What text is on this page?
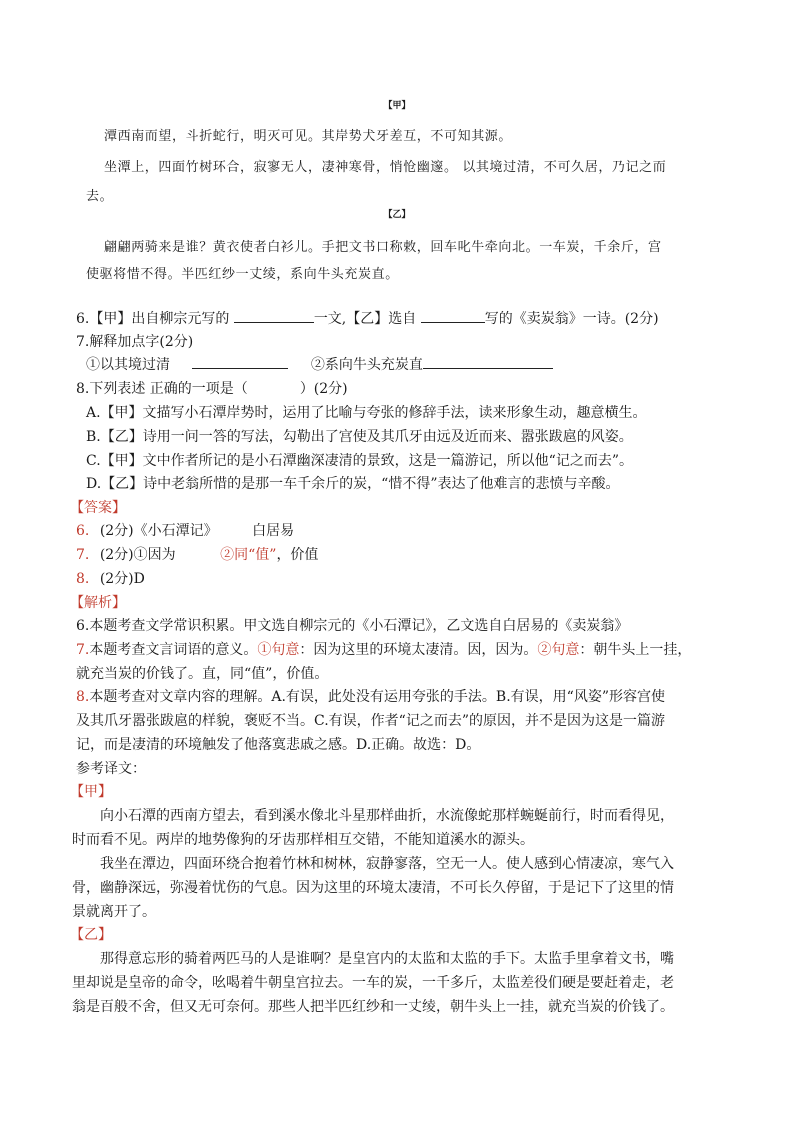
【甲】
潭西南而望，斗折蛇行，明灭可见。其岸势犬牙差互，不可知其源。
坐潭上，四面竹树环合，寂寥无人，凄神寒骨，悄怆幽邃。 以其境过清，不可久居，乃记之而
去。
【乙】
翩翩两骑来是谁？黄衣使者白衫儿。手把文书口称敕，回车叱牛牵向北。一车炭，千余斤，宫
使驱将惜不得。半匹红纱一丈绫，系向牛头充炭直。
6.【甲】出自柳宗元写的	一文,【乙】选自	写的《卖炭翁》一诗。(2分)
7.解释加点字(2分)
①以其境过清	②系向牛头充炭直
8.下列表述 正确的一项是（	）(2分)
A.【甲】文描写小石潭岸势时，运用了比喻与夸张的修辞手法，读来形象生动，趣意横生。
B.【乙】诗用一问一答的写法，勾勒出了宫使及其爪牙由远及近而来、嚣张跋扈的风姿。
C.【甲】文中作者所记的是小石潭幽深凄清的景致，这是一篇游记，所以他“记之而去”。
D.【乙】诗中老翁所惜的是那一车千余斤的炭，“惜不得”表达了他难言的悲愤与辛酸。
【答案】
6. (2分)《小石潭记》 白居易
7. (2分)①因为	②同“值”，价值
8. (2分)D
【解析】
6.本题考查文学常识积累。甲文选自柳宗元的《小石潭记》，乙文选自白居易的《卖炭翁》
7.本题考查文言词语的意义。①句意：因为这里的环境太凄清。因，因为。②句意：朝牛头上一挂，
就充当炭的价钱了。直，同“值”，价值。
8.本题考查对文章内容的理解。A.有误，此处没有运用夸张的手法。B.有误，用“风姿”形容宫使
及其爪牙嚣张跋扈的样貌，褒贬不当。C.有误，作者“记之而去”的原因，并不是因为这是一篇游
记，而是凄清的环境触发了他落寞悲戚之感。D.正确。故选：D。
参考译文：
【甲】
向小石潭的西南方望去，看到溪水像北斗星那样曲折，水流像蛇那样蜿蜒前行，时而看得见，
时而看不见。两岸的地势像狗的牙齿那样相互交错，不能知道溪水的源头。
我坐在潭边，四面环绕合抱着竹林和树林，寂静寥落，空无一人。使人感到心情凄凉，寒气入
骨，幽静深远，弥漫着忧伤的气息。因为这里的环境太凄清，不可长久停留，于是记下了这里的情
景就离开了。
【乙】
那得意忘形的骑着两匹马的人是谁啊？是皇宫内的太监和太监的手下。太监手里拿着文书，嘴
里却说是皇帝的命令，吆喝着牛朝皇宫拉去。一车的炭，一千多斤，太监差役们硬是要赶着走，老
翁是百般不舍，但又无可奈何。那些人把半匹红纱和一丈绫，朝牛头上一挂，就充当炭的价钱了。
